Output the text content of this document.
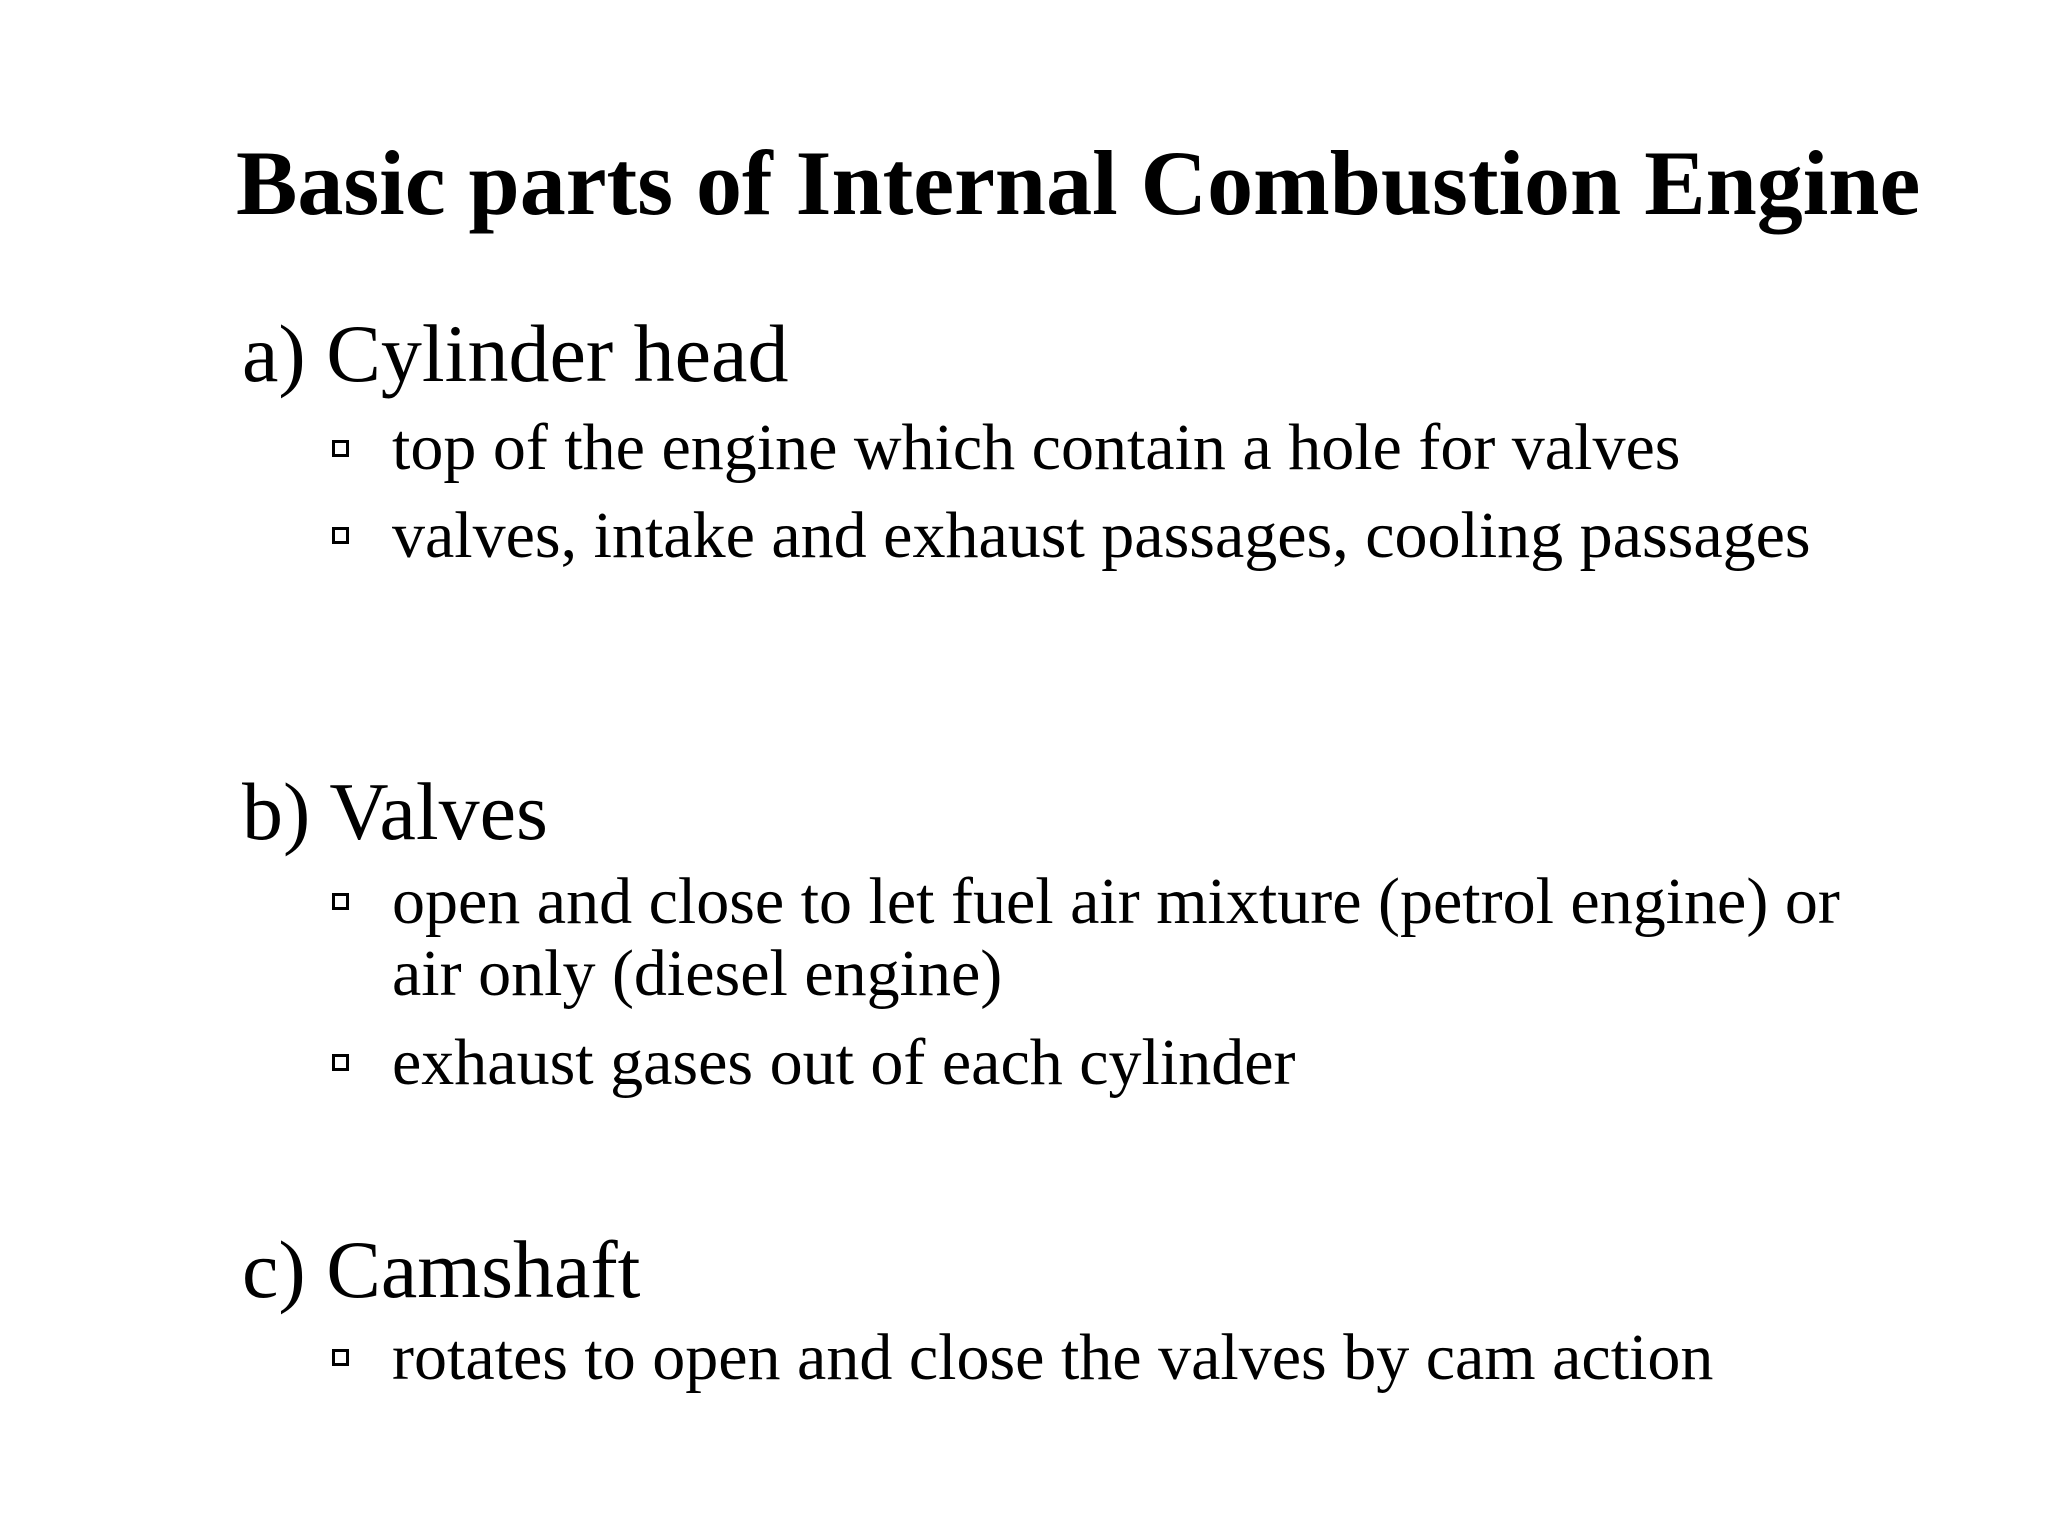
Basic parts of Internal Combustion Engine
a) Cylinder head
top of the engine which contain a hole for valves
valves, intake and exhaust passages, cooling passages
b) Valves
open and close to let fuel air mixture (petrol engine) or air only (diesel engine)
exhaust gases out of each cylinder
c) Camshaft
rotates to open and close the valves by cam action
